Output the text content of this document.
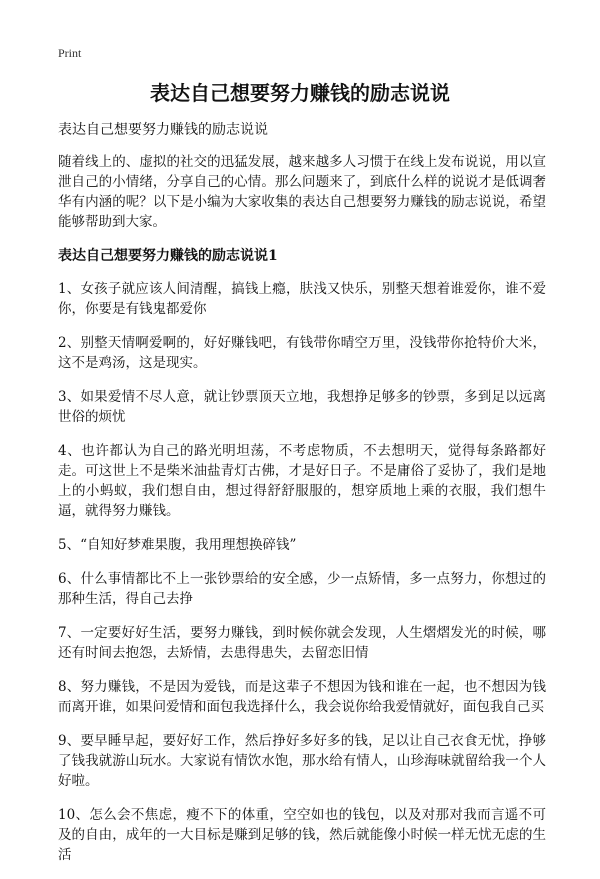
Print
表达自己想要努力赚钱的励志说说
表达自己想要努力赚钱的励志说说

随着线上的、虚拟的社交的迅猛发展，越来越多人习惯于在线上发布说说，用以宣泄自己的小情绪，分享自己的心情。那么问题来了，到底什么样的说说才是低调奢华有内涵的呢？以下是小编为大家收集的表达自己想要努力赚钱的励志说说，希望能够帮助到大家。

表达自己想要努力赚钱的励志说说1

1、女孩子就应该人间清醒，搞钱上瘾，肤浅又快乐，别整天想着谁爱你，谁不爱你，你要是有钱鬼都爱你

2、别整天情啊爱啊的，好好赚钱吧，有钱带你晴空万里，没钱带你抢特价大米，这不是鸡汤，这是现实。

3、如果爱情不尽人意，就让钞票顶天立地，我想挣足够多的钞票，多到足以远离世俗的烦忧

4、也许都认为自己的路光明坦荡，不考虑物质，不去想明天，觉得每条路都好走。可这世上不是柴米油盐青灯古佛，才是好日子。不是庸俗了妥协了，我们是地上的小蚂蚁，我们想自由，想过得舒舒服服的，想穿质地上乘的衣服，我们想牛逼，就得努力赚钱。

5、“自知好梦难果腹，我用理想换碎钱”

6、什么事情都比不上一张钞票给的安全感，少一点矫情，多一点努力，你想过的那种生活，得自己去挣

7、一定要好好生活，要努力赚钱，到时候你就会发现，人生熠熠发光的时候，哪还有时间去抱怨，去矫情，去患得患失，去留恋旧情

8、努力赚钱，不是因为爱钱，而是这辈子不想因为钱和谁在一起，也不想因为钱而离开谁，如果问爱情和面包我选择什么，我会说你给我爱情就好，面包我自己买

9、要早睡早起，要好好工作，然后挣好多好多的钱，足以让自己衣食无忧，挣够了钱我就游山玩水。大家说有情饮水饱，那水给有情人，山珍海味就留给我一个人好啦。

10、怎么会不焦虑，瘦不下的体重，空空如也的钱包，以及对那对我而言遥不可及的自由，成年的一大目标是赚到足够的钱，然后就能像小时候一样无忧无虑的生活
